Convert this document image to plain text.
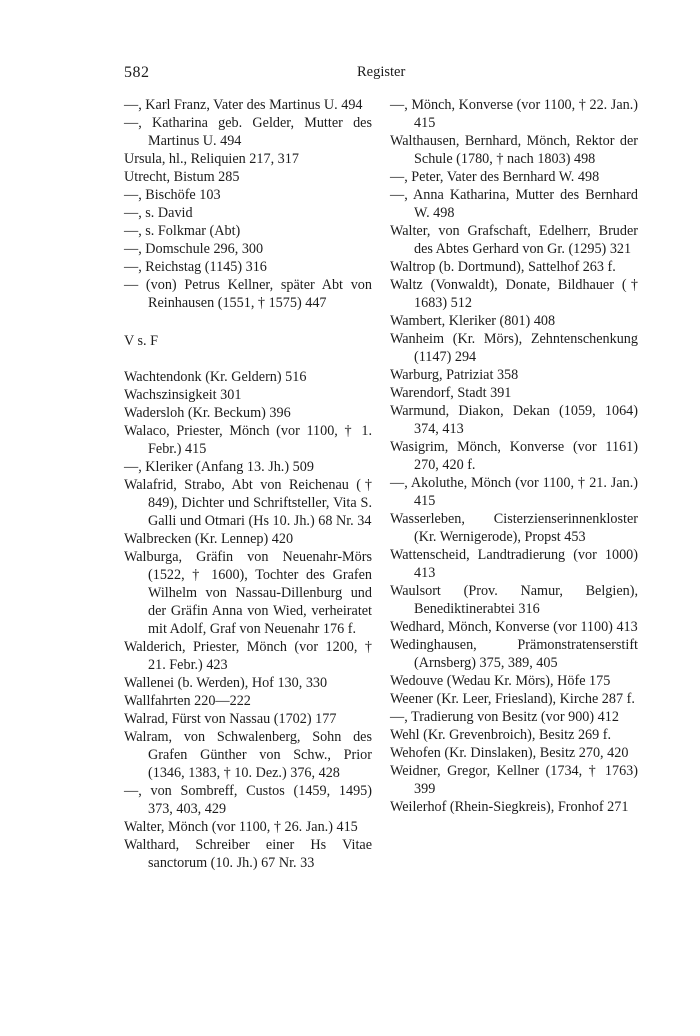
582	Register

—, Karl Franz, Vater des Martinus U. 494

—, Katharina geb. Gelder, Mutter des Martinus U. 494

Ursula, hl., Reliquien 217, 317

Utrecht, Bistum 285

—, Bischöfe 103

—, s. David

—, s. Folkmar (Abt)

—, Domschule 296, 300

—, Reichstag (1145) 316

— (von) Petrus Kellner, später Abt von Reinhausen (1551, † 1575) 447

V s. F

Wachtendonk (Kr. Geldern) 516

Wachszinsigkeit 301

Wadersloh (Kr. Beckum) 396

Walaco, Priester, Mönch (vor 1100, † 1. Febr.) 415

—, Kleriker (Anfang 13. Jh.) 509

Walafrid, Strabo, Abt von Reichenau († 849), Dichter und Schriftsteller, Vita S. Galli und Otmari (Hs 10. Jh.) 68 Nr. 34

Walbrecken (Kr. Lennep) 420

Walburga, Gräfin von Neuenahr-Mörs (1522, † 1600), Tochter des Grafen Wilhelm von Nassau-Dillenburg und der Gräfin Anna von Wied, verheiratet mit Adolf, Graf von Neuenahr 176 f.

Walderich, Priester, Mönch (vor 1200, † 21. Febr.) 423

Wallenei (b. Werden), Hof 130, 330

Wallfahrten 220—222

Walrad, Fürst von Nassau (1702) 177

Walram, von Schwalenberg, Sohn des Grafen Günther von Schw., Prior (1346, 1383, † 10. Dez.) 376, 428

—, von Sombreff, Custos (1459, 1495) 373, 403, 429

Walter, Mönch (vor 1100, † 26. Jan.) 415

Walthard, Schreiber einer Hs Vitae sanctorum (10. Jh.) 67 Nr. 33

—, Mönch, Konverse (vor 1100, † 22. Jan.) 415

Walthausen, Bernhard, Mönch, Rektor der Schule (1780, † nach 1803) 498

—, Peter, Vater des Bernhard W. 498

—, Anna Katharina, Mutter des Bernhard W. 498

Walter, von Grafschaft, Edelherr, Bruder des Abtes Gerhard von Gr. (1295) 321

Waltrop (b. Dortmund), Sattelhof 263 f.

Waltz (Vonwaldt), Donate, Bildhauer († 1683) 512

Wambert, Kleriker (801) 408

Wanheim (Kr. Mörs), Zehntenschenkung (1147) 294

Warburg, Patriziat 358

Warendorf, Stadt 391

Warmund, Diakon, Dekan (1059, 1064) 374, 413

Wasigrim, Mönch, Konverse (vor 1161) 270, 420 f.

—, Akoluthe, Mönch (vor 1100, † 21. Jan.) 415

Wasserleben, Cisterzienserinnenkloster (Kr. Wernigerode), Propst 453

Wattenscheid, Landtradierung (vor 1000) 413

Waulsort (Prov. Namur, Belgien), Benediktinerabtei 316

Wedhard, Mönch, Konverse (vor 1100) 413

Wedinghausen, Prämonstratenserstift (Arnsberg) 375, 389, 405

Wedouve (Wedau Kr. Mörs), Höfe 175

Weener (Kr. Leer, Friesland), Kirche 287 f.

—, Tradierung von Besitz (vor 900) 412

Wehl (Kr. Grevenbroich), Besitz 269 f.

Wehofen (Kr. Dinslaken), Besitz 270, 420

Weidner, Gregor, Kellner (1734, † 1763) 399

Weilerhof (Rhein-Siegkreis), Fronhof 271
